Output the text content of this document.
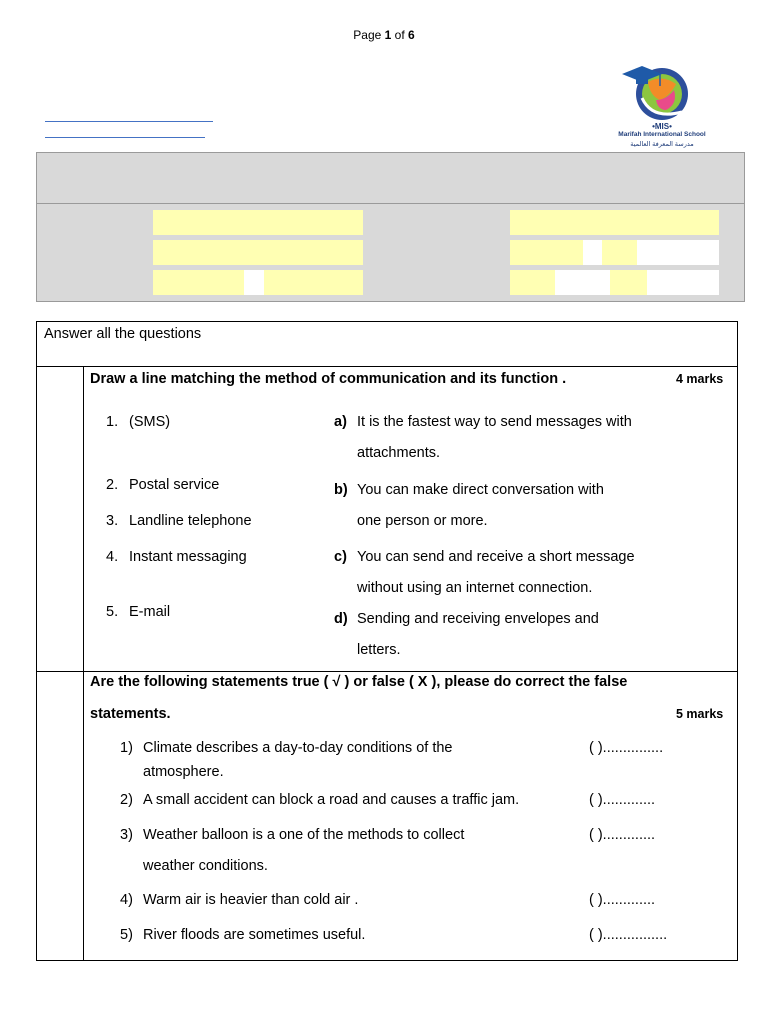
Page 1 of 6
•MIS•
Marifah International School
مدرسة المعرفة العالمية
Answer all the questions
Draw a line matching the method of communication and its function .	4 marks
1. (SMS)
2. Postal service
3. Landline telephone
4. Instant messaging
5. E-mail
a) It is the fastest way to send messages with
attachments.
b) You can make direct conversation with
one person or more.
c) You can send and receive a short message
without using an internet connection.
d) Sending and receiving envelopes and
letters.
Are the following statements true ( √ ) or false ( X ), please do correct the false
statements.	5 marks
1) Climate describes a day-to-day conditions of the
atmosphere.
( )...............
2) A small accident can block a road and causes a traffic jam.	( ).............
3) Weather balloon is a one of the methods to collect
weather conditions.
( ).............
4) Warm air is heavier than cold air .	( ).............
5) River floods are sometimes useful.	( )................
